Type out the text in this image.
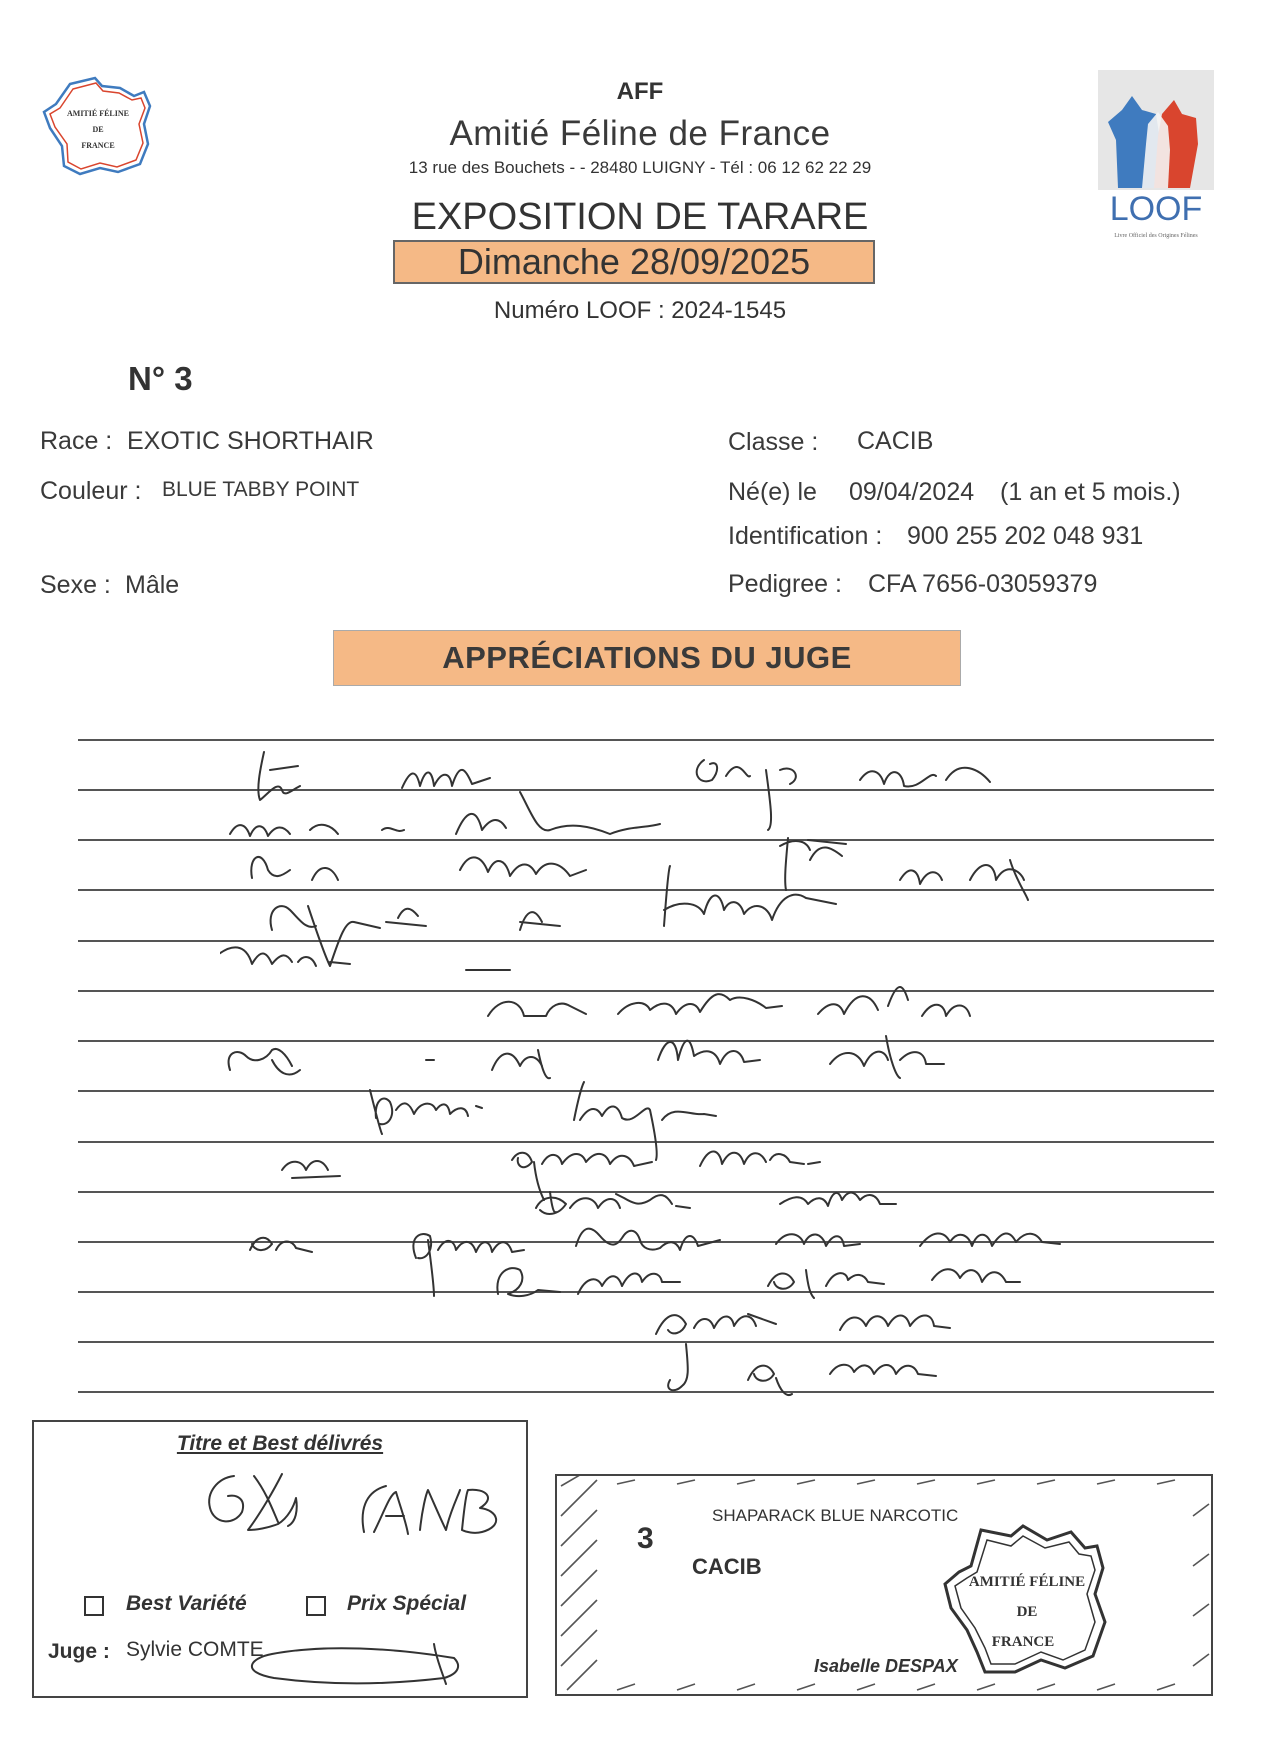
AMITIÉ FÉLINE
DE
FRANCE
LOOF
Livre Officiel des Origines Félines
AFF
Amitié Féline de France
13 rue des Bouchets - - 28480 LUIGNY - Tél : 06 12 62 22 29
EXPOSITION DE TARARE
Dimanche 28/09/2025
Numéro LOOF : 2024-1545
N° 3
Race : EXOTIC SHORTHAIR
Couleur : BLUE TABBY POINT
Sexe : Mâle
Classe : CACIB
Né(e) le 09/04/2024 (1 an et 5 mois.)
Identification : 900 255 202 048 931
Pedigree : CFA 7656-03059379
APPRÉCIATIONS DU JUGE
Titre et Best délivrés
Best Variété	Prix Spécial
Juge : Sylvie COMTE
3
SHAPARACK BLUE NARCOTIC
CACIB
Isabelle DESPAX
AMITIÉ FÉLINE
DE
FRANCE
